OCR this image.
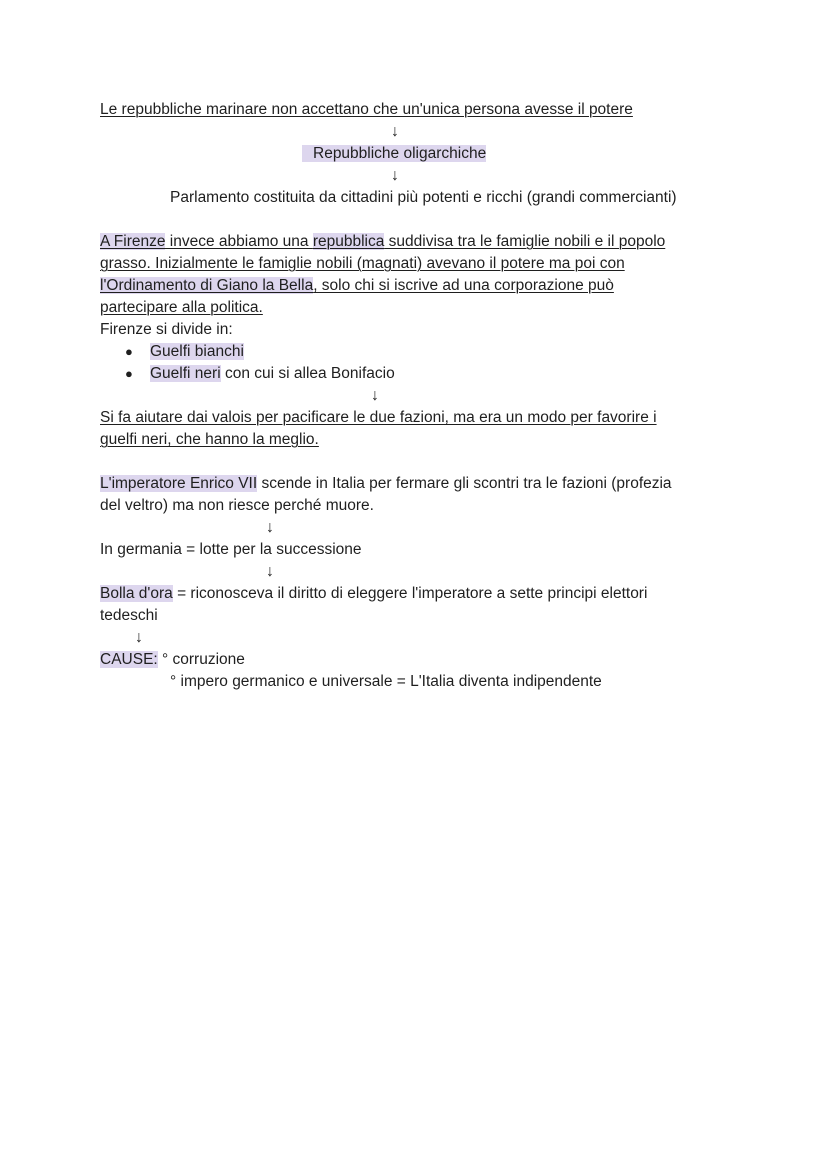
Le repubbliche marinare non accettano che un'unica persona avesse il potere
↓
Repubbliche oligarchiche
↓
Parlamento costituita da cittadini più potenti e ricchi (grandi commercianti)
A Firenze invece abbiamo una repubblica suddivisa tra le famiglie nobili e il popolo
grasso. Inizialmente le famiglie nobili (magnati) avevano il potere ma poi con
l'Ordinamento di Giano la Bella, solo chi si iscrive ad una corporazione può
partecipare alla politica.
Firenze si divide in:
● Guelfi bianchi
● Guelfi neri con cui si allea Bonifacio
↓
Si fa aiutare dai valois per pacificare le due fazioni, ma era un modo per favorire i
guelfi neri, che hanno la meglio.
L'imperatore Enrico VII scende in Italia per fermare gli scontri tra le fazioni (profezia
del veltro) ma non riesce perché muore.
↓
In germania = lotte per la successione
↓
Bolla d'ora = riconosceva il diritto di eleggere l'imperatore a sette principi elettori
tedeschi
↓
CAUSE: ° corruzione
° impero germanico e universale = L'Italia diventa indipendente
